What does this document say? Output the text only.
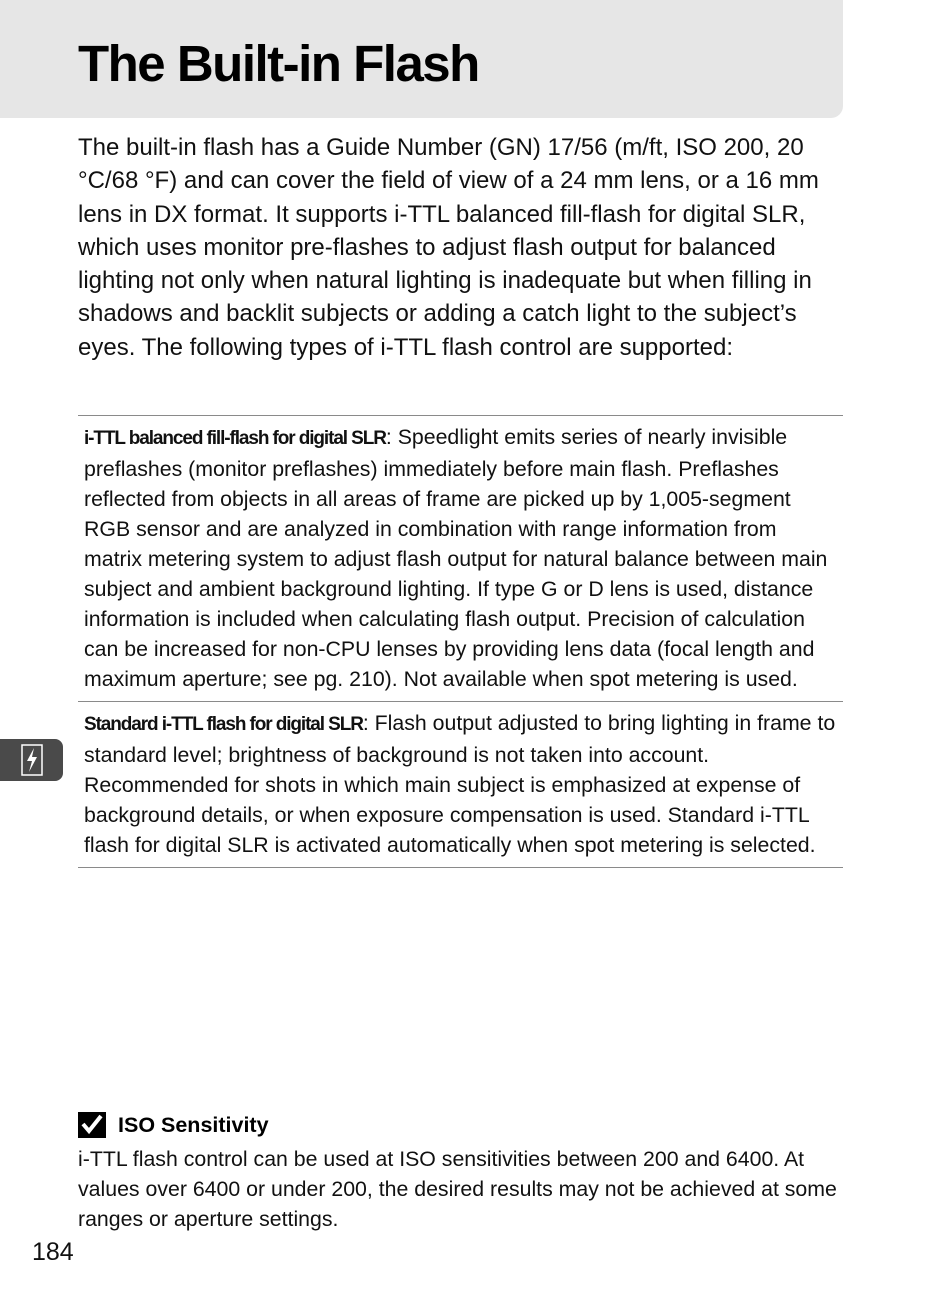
The Built-in Flash

The built-in flash has a Guide Number (GN) 17/56 (m/ft, ISO 200, 20 °C/68 °F) and can cover the field of view of a 24 mm lens, or a 16 mm lens in DX format. It supports i-TTL balanced fill-flash for digital SLR, which uses monitor pre-flashes to adjust flash output for balanced lighting not only when natural lighting is inadequate but when filling in shadows and backlit subjects or adding a catch light to the subject’s eyes. The following types of i-TTL flash control are supported:

i-TTL balanced fill-flash for digital SLR: Speedlight emits series of nearly invisible preflashes (monitor preflashes) immediately before main flash. Preflashes reflected from objects in all areas of frame are picked up by 1,005-segment RGB sensor and are analyzed in combination with range information from matrix metering system to adjust flash output for natural balance between main subject and ambient background lighting. If type G or D lens is used, distance information is included when calculating flash output. Precision of calculation can be increased for non-CPU lenses by providing lens data (focal length and maximum aperture; see pg. 210). Not available when spot metering is used.
Standard i-TTL flash for digital SLR: Flash output adjusted to bring lighting in frame to standard level; brightness of background is not taken into account. Recommended for shots in which main subject is emphasized at expense of background details, or when exposure compensation is used. Standard i-TTL flash for digital SLR is activated automatically when spot metering is selected.
ISO Sensitivity

i-TTL flash control can be used at ISO sensitivities between 200 and 6400. At values over 6400 or under 200, the desired results may not be achieved at some ranges or aperture settings.

184
